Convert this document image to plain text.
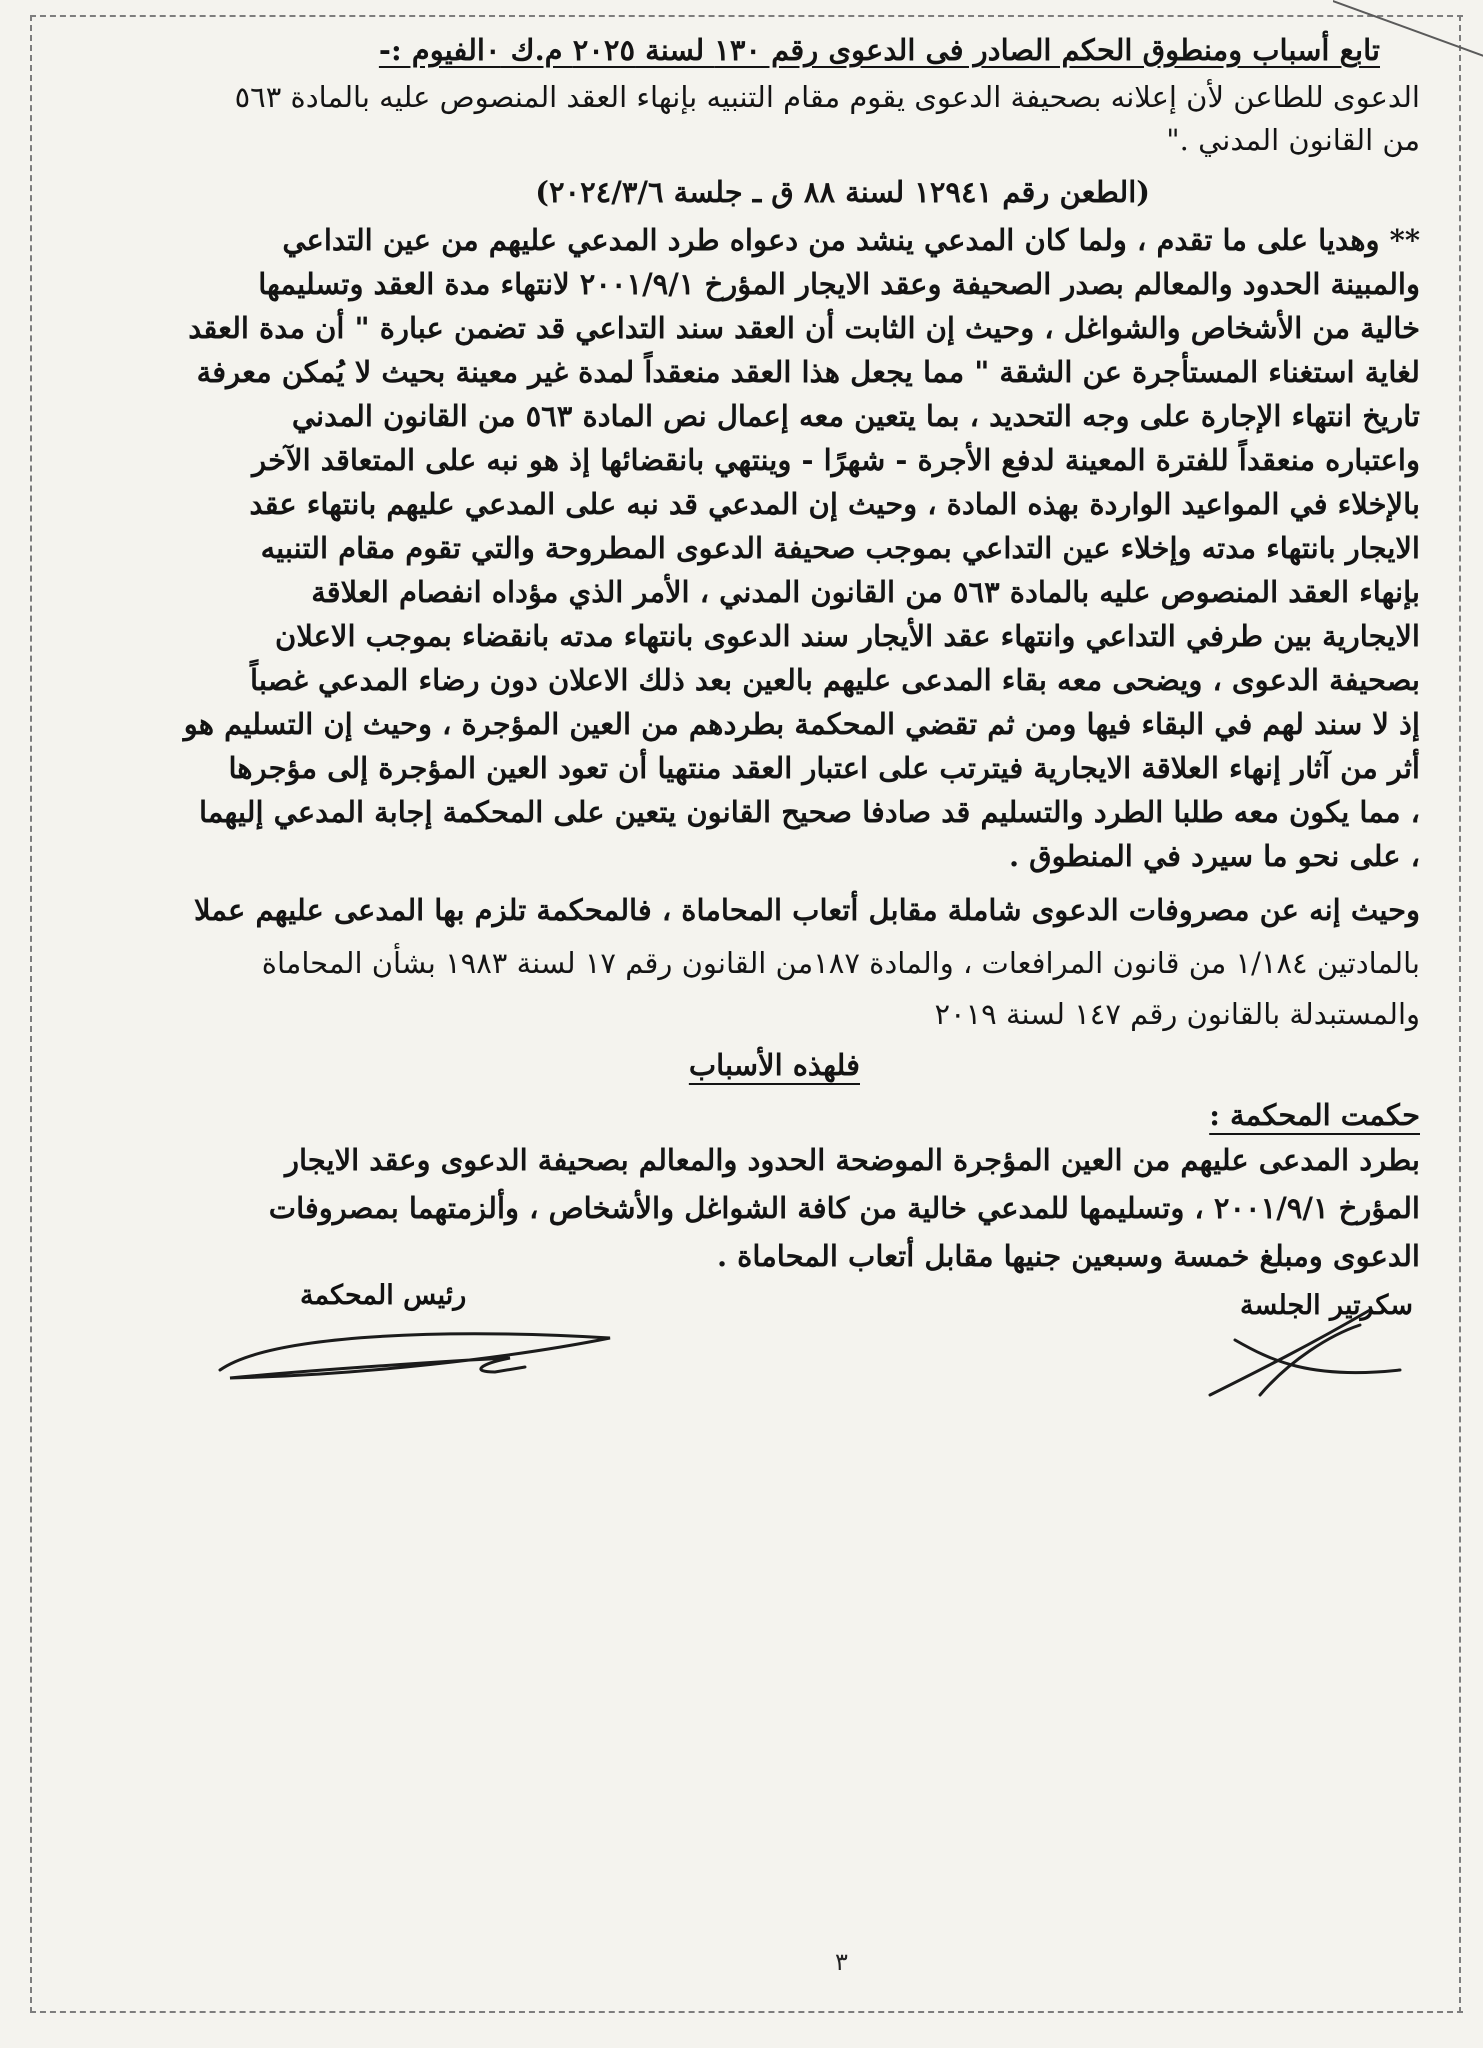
تابع أسباب ومنطوق الحكم الصادر فى الدعوى رقم ١٣٠ لسنة ٢٠٢٥ م.ك ٠الفيوم :-
الدعوى للطاعن لأن إعلانه بصحيفة الدعوى يقوم مقام التنبيه بإنهاء العقد المنصوص عليه بالمادة ٥٦٣
من القانون المدني ."
(الطعن رقم ١٢٩٤١ لسنة ٨٨ ق ـ جلسة ٢٠٢٤/٣/٦)
** وهديا على ما تقدم ، ولما كان المدعي ينشد من دعواه طرد المدعي عليهم من عين التداعي
والمبينة الحدود والمعالم بصدر الصحيفة وعقد الايجار المؤرخ ٢٠٠١/٩/١ لانتهاء مدة العقد وتسليمها
خالية من الأشخاص والشواغل ، وحيث إن الثابت أن العقد سند التداعي قد تضمن عبارة " أن مدة العقد
لغاية استغناء المستأجرة عن الشقة " مما يجعل هذا العقد منعقداً لمدة غير معينة بحيث لا يُمكن معرفة
تاريخ انتهاء الإجارة على وجه التحديد ، بما يتعين معه إعمال نص المادة ٥٦٣ من القانون المدني
واعتباره منعقداً للفترة المعينة لدفع الأجرة - شهرًا - وينتهي بانقضائها إذ هو نبه على المتعاقد الآخر
بالإخلاء في المواعيد الواردة بهذه المادة ، وحيث إن المدعي قد نبه على المدعي عليهم بانتهاء عقد
الايجار بانتهاء مدته وإخلاء عين التداعي بموجب صحيفة الدعوى المطروحة والتي تقوم مقام التنبيه
بإنهاء العقد المنصوص عليه بالمادة ٥٦٣ من القانون المدني ، الأمر الذي مؤداه انفصام العلاقة
الايجارية بين طرفي التداعي وانتهاء عقد الأيجار سند الدعوى بانتهاء مدته بانقضاء بموجب الاعلان
بصحيفة الدعوى ، ويضحى معه بقاء المدعى عليهم بالعين بعد ذلك الاعلان دون رضاء المدعي غصباً
إذ لا سند لهم في البقاء فيها ومن ثم تقضي المحكمة بطردهم من العين المؤجرة ، وحيث إن التسليم هو
أثر من آثار إنهاء العلاقة الايجارية فيترتب على اعتبار العقد منتهيا أن تعود العين المؤجرة إلى مؤجرها
، مما يكون معه طلبا الطرد والتسليم قد صادفا صحيح القانون يتعين على المحكمة إجابة المدعي إليهما
، على نحو ما سيرد في المنطوق .
وحيث إنه عن مصروفات الدعوى شاملة مقابل أتعاب المحاماة ، فالمحكمة تلزم بها المدعى عليهم عملا
بالمادتين ١/١٨٤ من قانون المرافعات ، والمادة ١٨٧من القانون رقم ١٧ لسنة ١٩٨٣ بشأن المحاماة
والمستبدلة بالقانون رقم ١٤٧ لسنة ٢٠١٩
فلهذه الأسباب
حكمت المحكمة :
بطرد المدعى عليهم من العين المؤجرة الموضحة الحدود والمعالم بصحيفة الدعوى وعقد الايجار
المؤرخ ٢٠٠١/٩/١ ، وتسليمها للمدعي خالية من كافة الشواغل والأشخاص ، وألزمتهما بمصروفات
الدعوى ومبلغ خمسة وسبعين جنيها مقابل أتعاب المحاماة .
سكرتير الجلسة
رئيس المحكمة
٣
